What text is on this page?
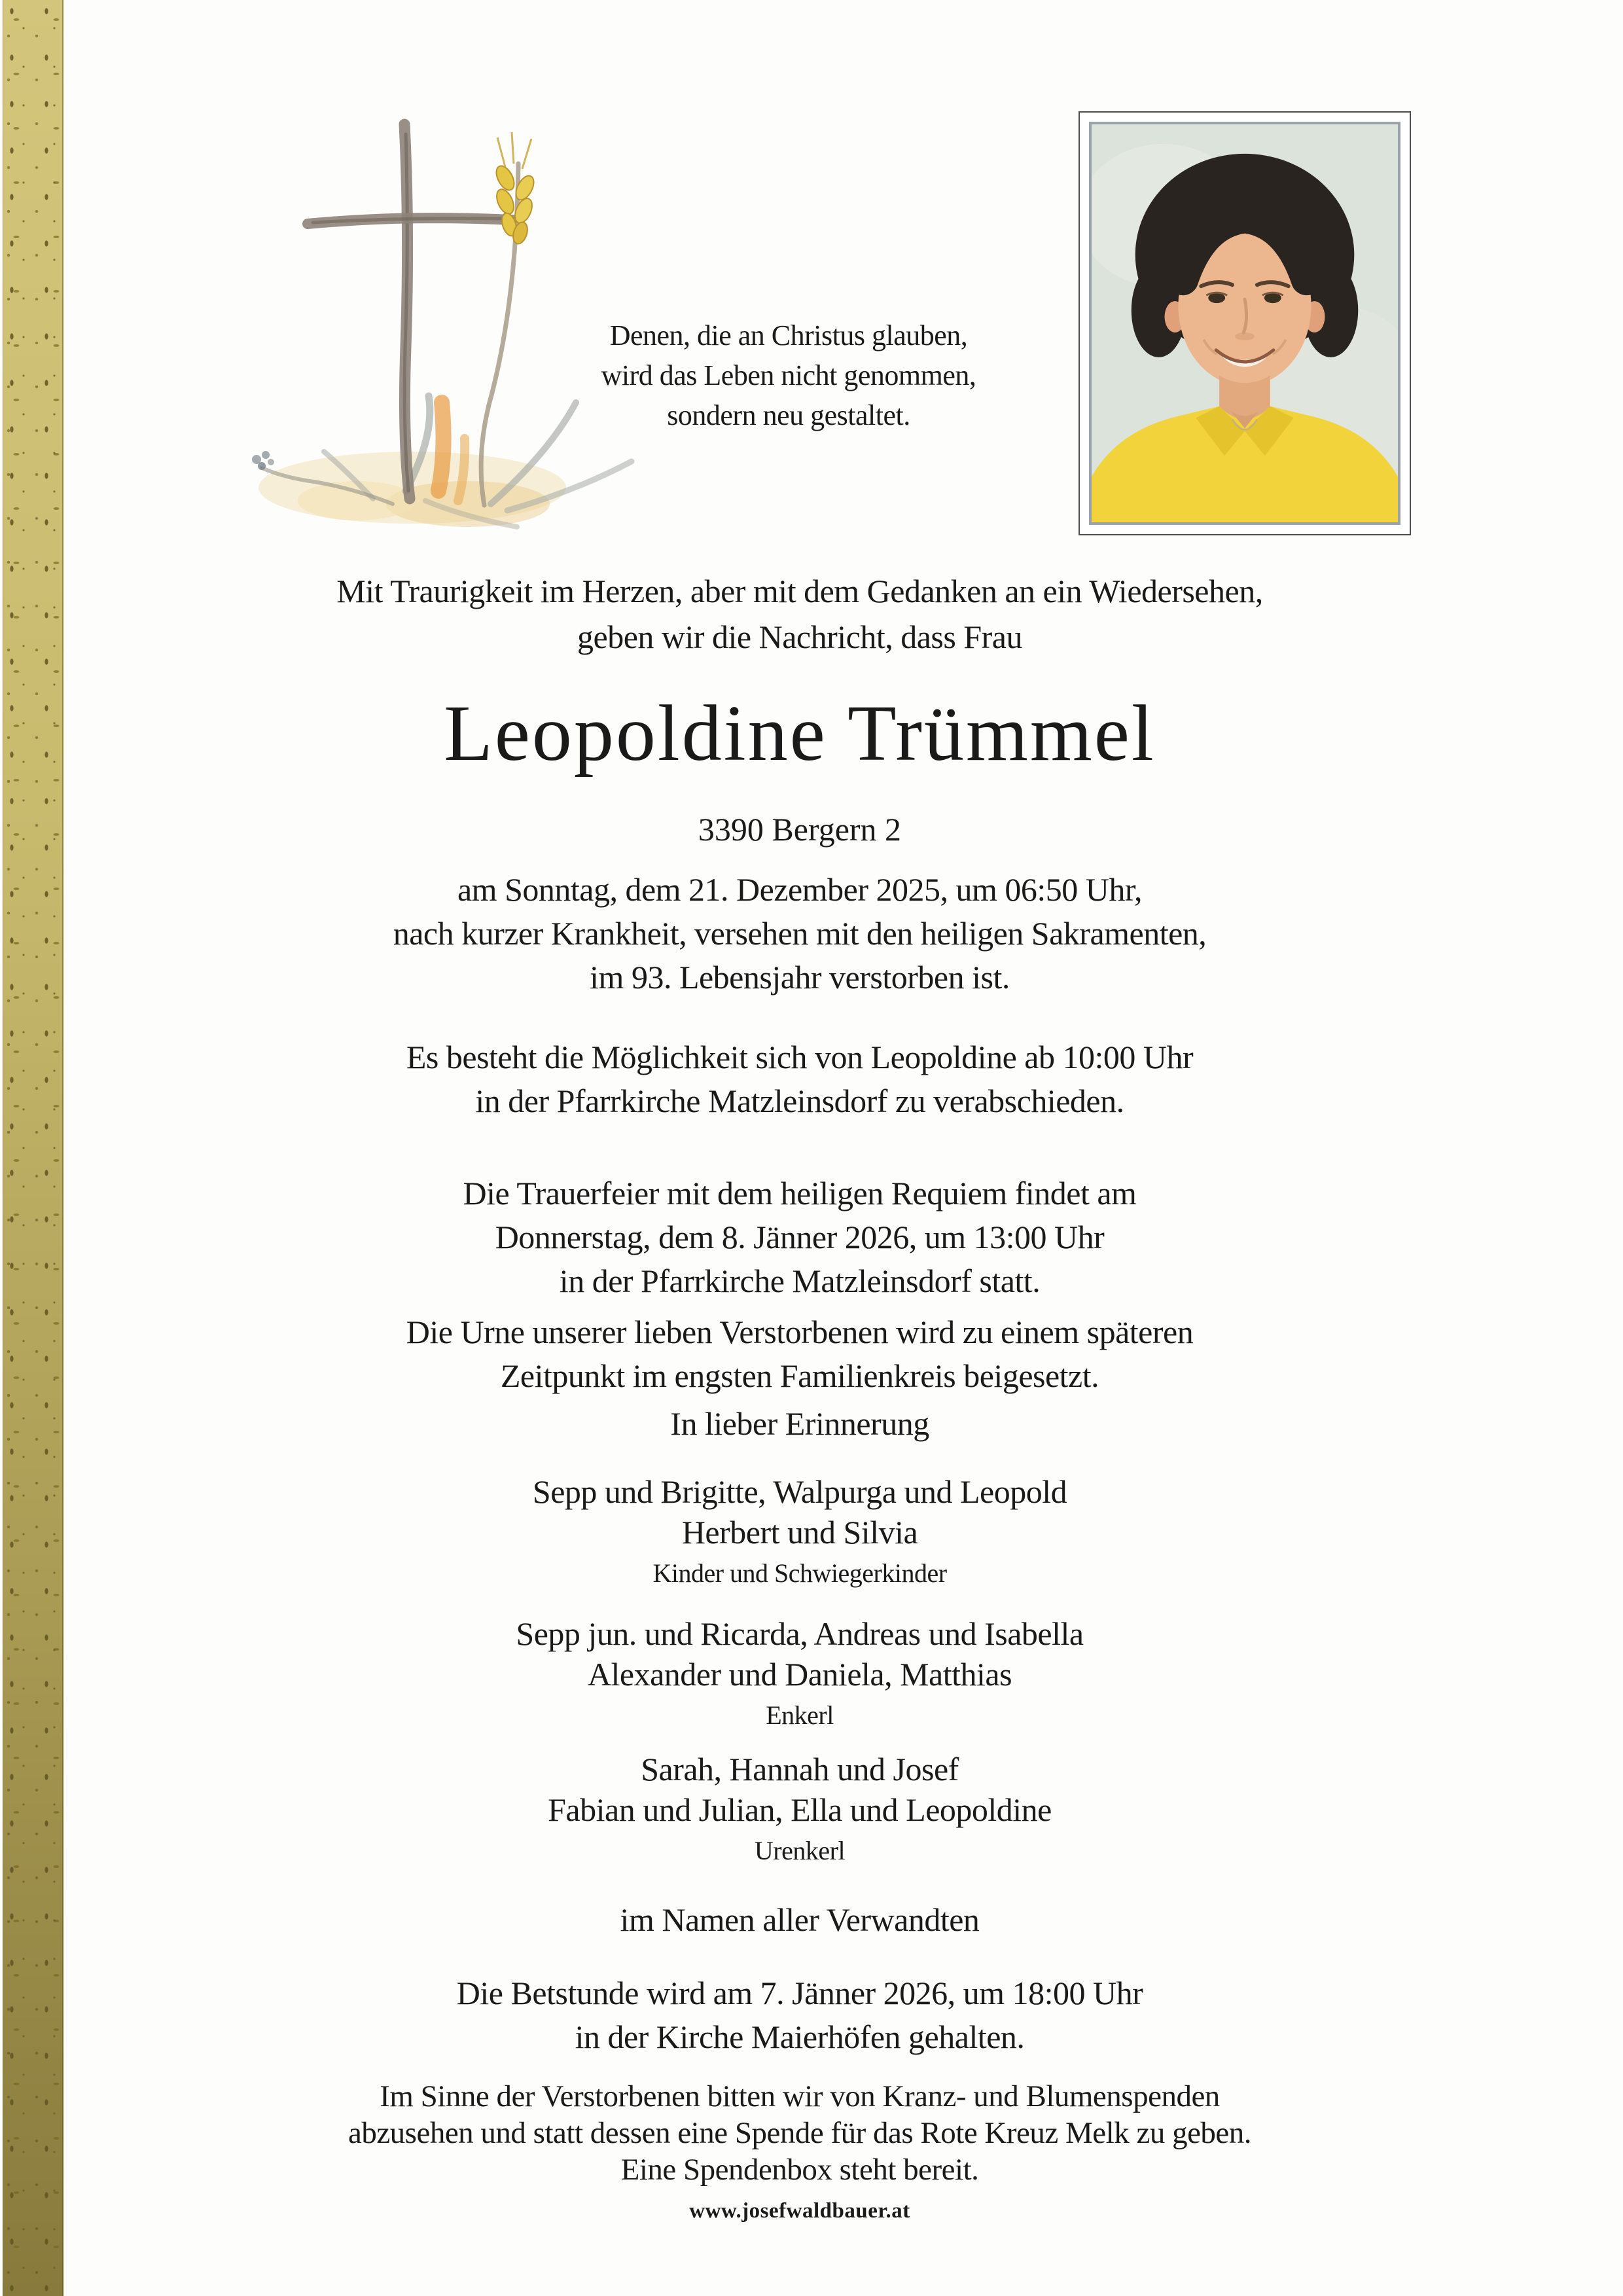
Denen, die an Christus glauben,
wird das Leben nicht genommen,
sondern neu gestaltet.
Mit Traurigkeit im Herzen, aber mit dem Gedanken an ein Wiedersehen,
geben wir die Nachricht, dass Frau
Leopoldine Trümmel
3390 Bergern 2
am Sonntag, dem 21. Dezember 2025, um 06:50 Uhr,
nach kurzer Krankheit, versehen mit den heiligen Sakramenten,
im 93. Lebensjahr verstorben ist.
Es besteht die Möglichkeit sich von Leopoldine ab 10:00 Uhr
in der Pfarrkirche Matzleinsdorf zu verabschieden.
Die Trauerfeier mit dem heiligen Requiem findet am
Donnerstag, dem 8. Jänner 2026, um 13:00 Uhr
in der Pfarrkirche Matzleinsdorf statt.
Die Urne unserer lieben Verstorbenen wird zu einem späteren
Zeitpunkt im engsten Familienkreis beigesetzt.
In lieber Erinnerung
Sepp und Brigitte, Walpurga und Leopold
Herbert und Silvia
Kinder und Schwiegerkinder
Sepp jun. und Ricarda, Andreas und Isabella
Alexander und Daniela, Matthias
Enkerl
Sarah, Hannah und Josef
Fabian und Julian, Ella und Leopoldine
Urenkerl
im Namen aller Verwandten
Die Betstunde wird am 7. Jänner 2026, um 18:00 Uhr
in der Kirche Maierhöfen gehalten.
Im Sinne der Verstorbenen bitten wir von Kranz- und Blumenspenden
abzusehen und statt dessen eine Spende für das Rote Kreuz Melk zu geben.
Eine Spendenbox steht bereit.
www.josefwaldbauer.at
